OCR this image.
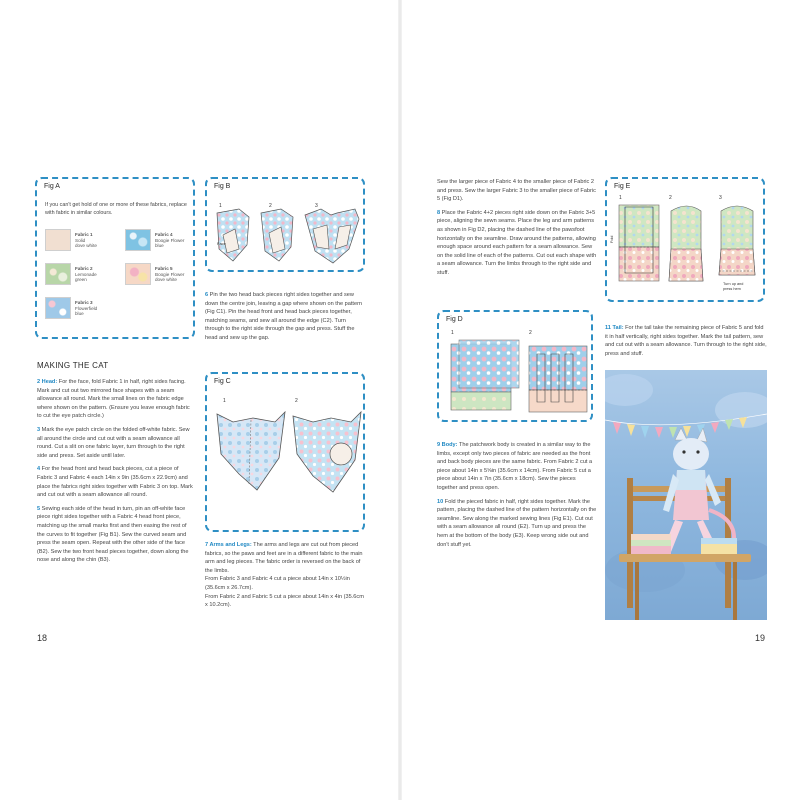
Fig A
If you can't get hold of one or more of these fabrics, replace with fabric in similar colours.
Fabric 1
Solid
dove white
Fabric 4
Boogie Flower
blue
Fabric 2
Lemonade
green
Fabric 5
Boogie Flower
dove white
Fabric 3
Flowerfield
blue
Fig B
1	2	3
Face

6 Pin the two head back pieces right sides together and sew down the centre join, leaving a gap where shown on the pattern (Fig C1). Pin the head front and head back pieces together, matching seams, and sew all around the edge (C2). Turn through to the right side through the gap and press. Stuff the head and sew up the gap.

MAKING THE CAT

2 Head: For the face, fold Fabric 1 in half, right sides facing. Mark and cut out two mirrored face shapes with a seam allowance all round. Mark the small lines on the fabric edge where shown on the pattern. (Ensure you leave enough fabric to cut the eye patch circle.)

3 Mark the eye patch circle on the folded off-white fabric. Sew all around the circle and cut out with a seam allowance all round. Cut a slit on one fabric layer, turn through to the right side and press. Set aside until later.

4 For the head front and head back pieces, cut a piece of Fabric 3 and Fabric 4 each 14in x 9in (35.6cm x 22.9cm) and place the fabrics right sides together with Fabric 3 on top. Mark and cut out with a seam allowance all round.

5 Sewing each side of the head in turn, pin an off-white face piece right sides together with a Fabric 4 head front piece, matching up the small marks first and then easing the rest of the curves to fit together (Fig B1). Sew the curved seam and press the seam open. Repeat with the other side of the face (B2). Sew the two front head pieces together, down along the nose and along the chin (B3).

Fig C
1	2

7 Arms and Legs: The arms and legs are cut out from pieced fabrics, so the paws and feet are in a different fabric to the main arm and leg pieces. The fabric order is reversed on the back of the limbs.

From Fabric 3 and Fabric 4 cut a piece about 14in x 10½in (35.6cm x 26.7cm).
From Fabric 2 and Fabric 5 cut a piece about 14in x 4in (35.6cm x 10.2cm).
18

Sew the larger piece of Fabric 4 to the smaller piece of Fabric 2 and press. Sew the larger Fabric 3 to the smaller piece of Fabric 5 (Fig D1).

8 Place the Fabric 4+2 pieces right side down on the Fabric 3+5 piece, aligning the sewn seams. Place the leg and arm patterns as shown in Fig D2, placing the dashed line of the pawsfoot horizontally on the seamline. Draw around the patterns, allowing enough space around each pattern for a seam allowance. Sew on the solid line of each of the patterns. Cut out each shape with a seam allowance. Turn the limbs through to the right side and stuff.

Fig D
1	2

9 Body: The patchwork body is created in a similar way to the limbs, except only two pieces of fabric are needed as the front and back body pieces are the same fabric. From Fabric 2 cut a piece about 14in x 5⅝in (35.6cm x 14cm). From Fabric 5 cut a piece about 14in x 7in (35.6cm x 18cm). Sew the pieces together and press open.

10 Fold the pieced fabric in half, right sides together. Mark the pattern, placing the dashed line of the pattern horizontally on the seamline. Sew along the marked sewing lines (Fig E1). Cut out with a seam allowance all round (E2). Turn up and press the hem at the bottom of the body (E3). Keep wrong side out and don't stuff yet.

Fig E
1	2	3
Fold
Turn up and
press hem

11 Tail: For the tail take the remaining piece of Fabric 5 and fold it in half vertically, right sides together. Mark the tail pattern, sew and cut out with a seam allowance. Turn through to the right side, press and stuff.

19
